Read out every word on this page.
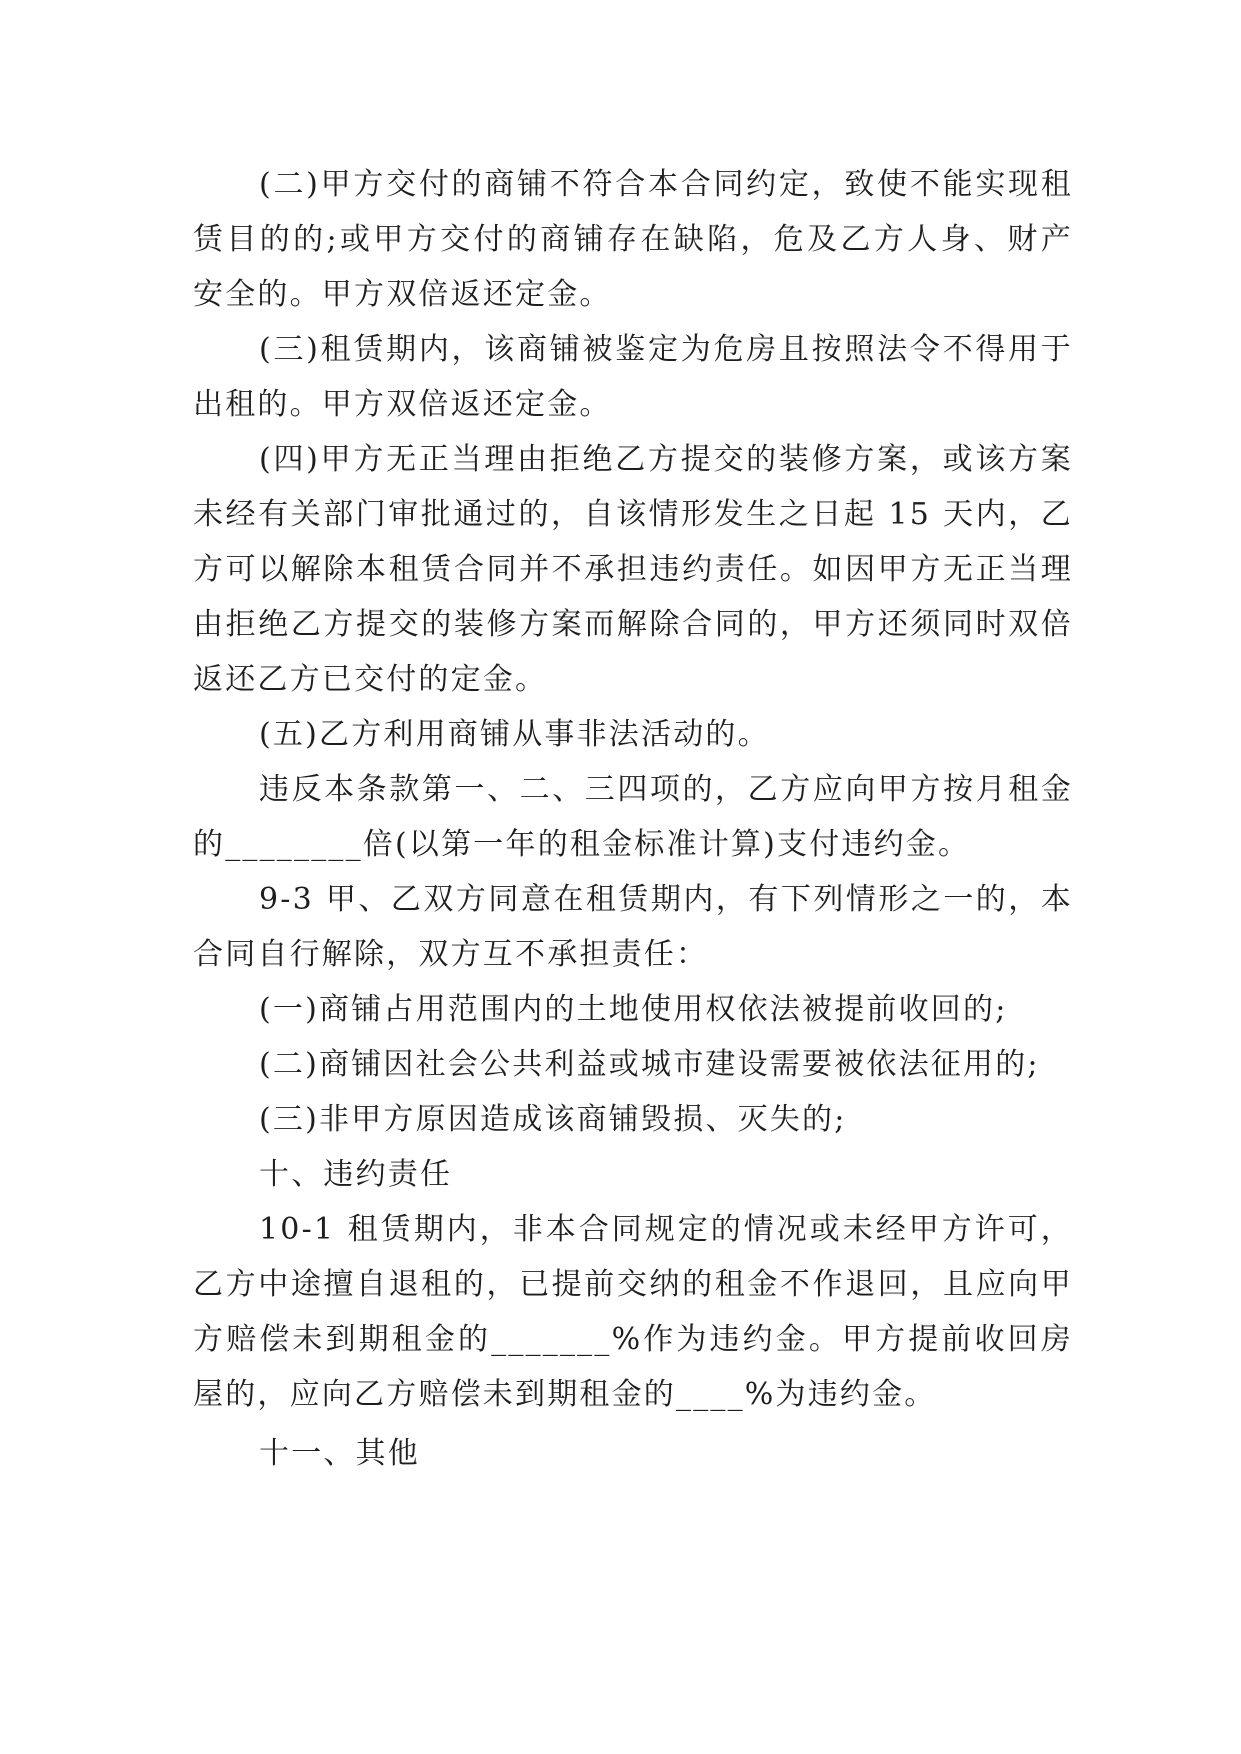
(二)甲方交付的商铺不符合本合同约定，致使不能实现租赁目的的;或甲方交付的商铺存在缺陷，危及乙方人身、财产安全的。甲方双倍返还定金。

(三)租赁期内，该商铺被鉴定为危房且按照法令不得用于出租的。甲方双倍返还定金。

(四)甲方无正当理由拒绝乙方提交的装修方案，或该方案未经有关部门审批通过的，自该情形发生之日起 15 天内，乙方可以解除本租赁合同并不承担违约责任。如因甲方无正当理由拒绝乙方提交的装修方案而解除合同的，甲方还须同时双倍返还乙方已交付的定金。

(五)乙方利用商铺从事非法活动的。

违反本条款第一、二、三四项的，乙方应向甲方按月租金的________倍(以第一年的租金标准计算)支付违约金。

9-3 甲、乙双方同意在租赁期内，有下列情形之一的，本合同自行解除，双方互不承担责任：

(一)商铺占用范围内的土地使用权依法被提前收回的;

(二)商铺因社会公共利益或城市建设需要被依法征用的;

(三)非甲方原因造成该商铺毁损、灭失的;

十、违约责任

10-1 租赁期内，非本合同规定的情况或未经甲方许可，乙方中途擅自退租的，已提前交纳的租金不作退回，且应向甲方赔偿未到期租金的_______%作为违约金。甲方提前收回房屋的，应向乙方赔偿未到期租金的____%为违约金。

十一、其他
